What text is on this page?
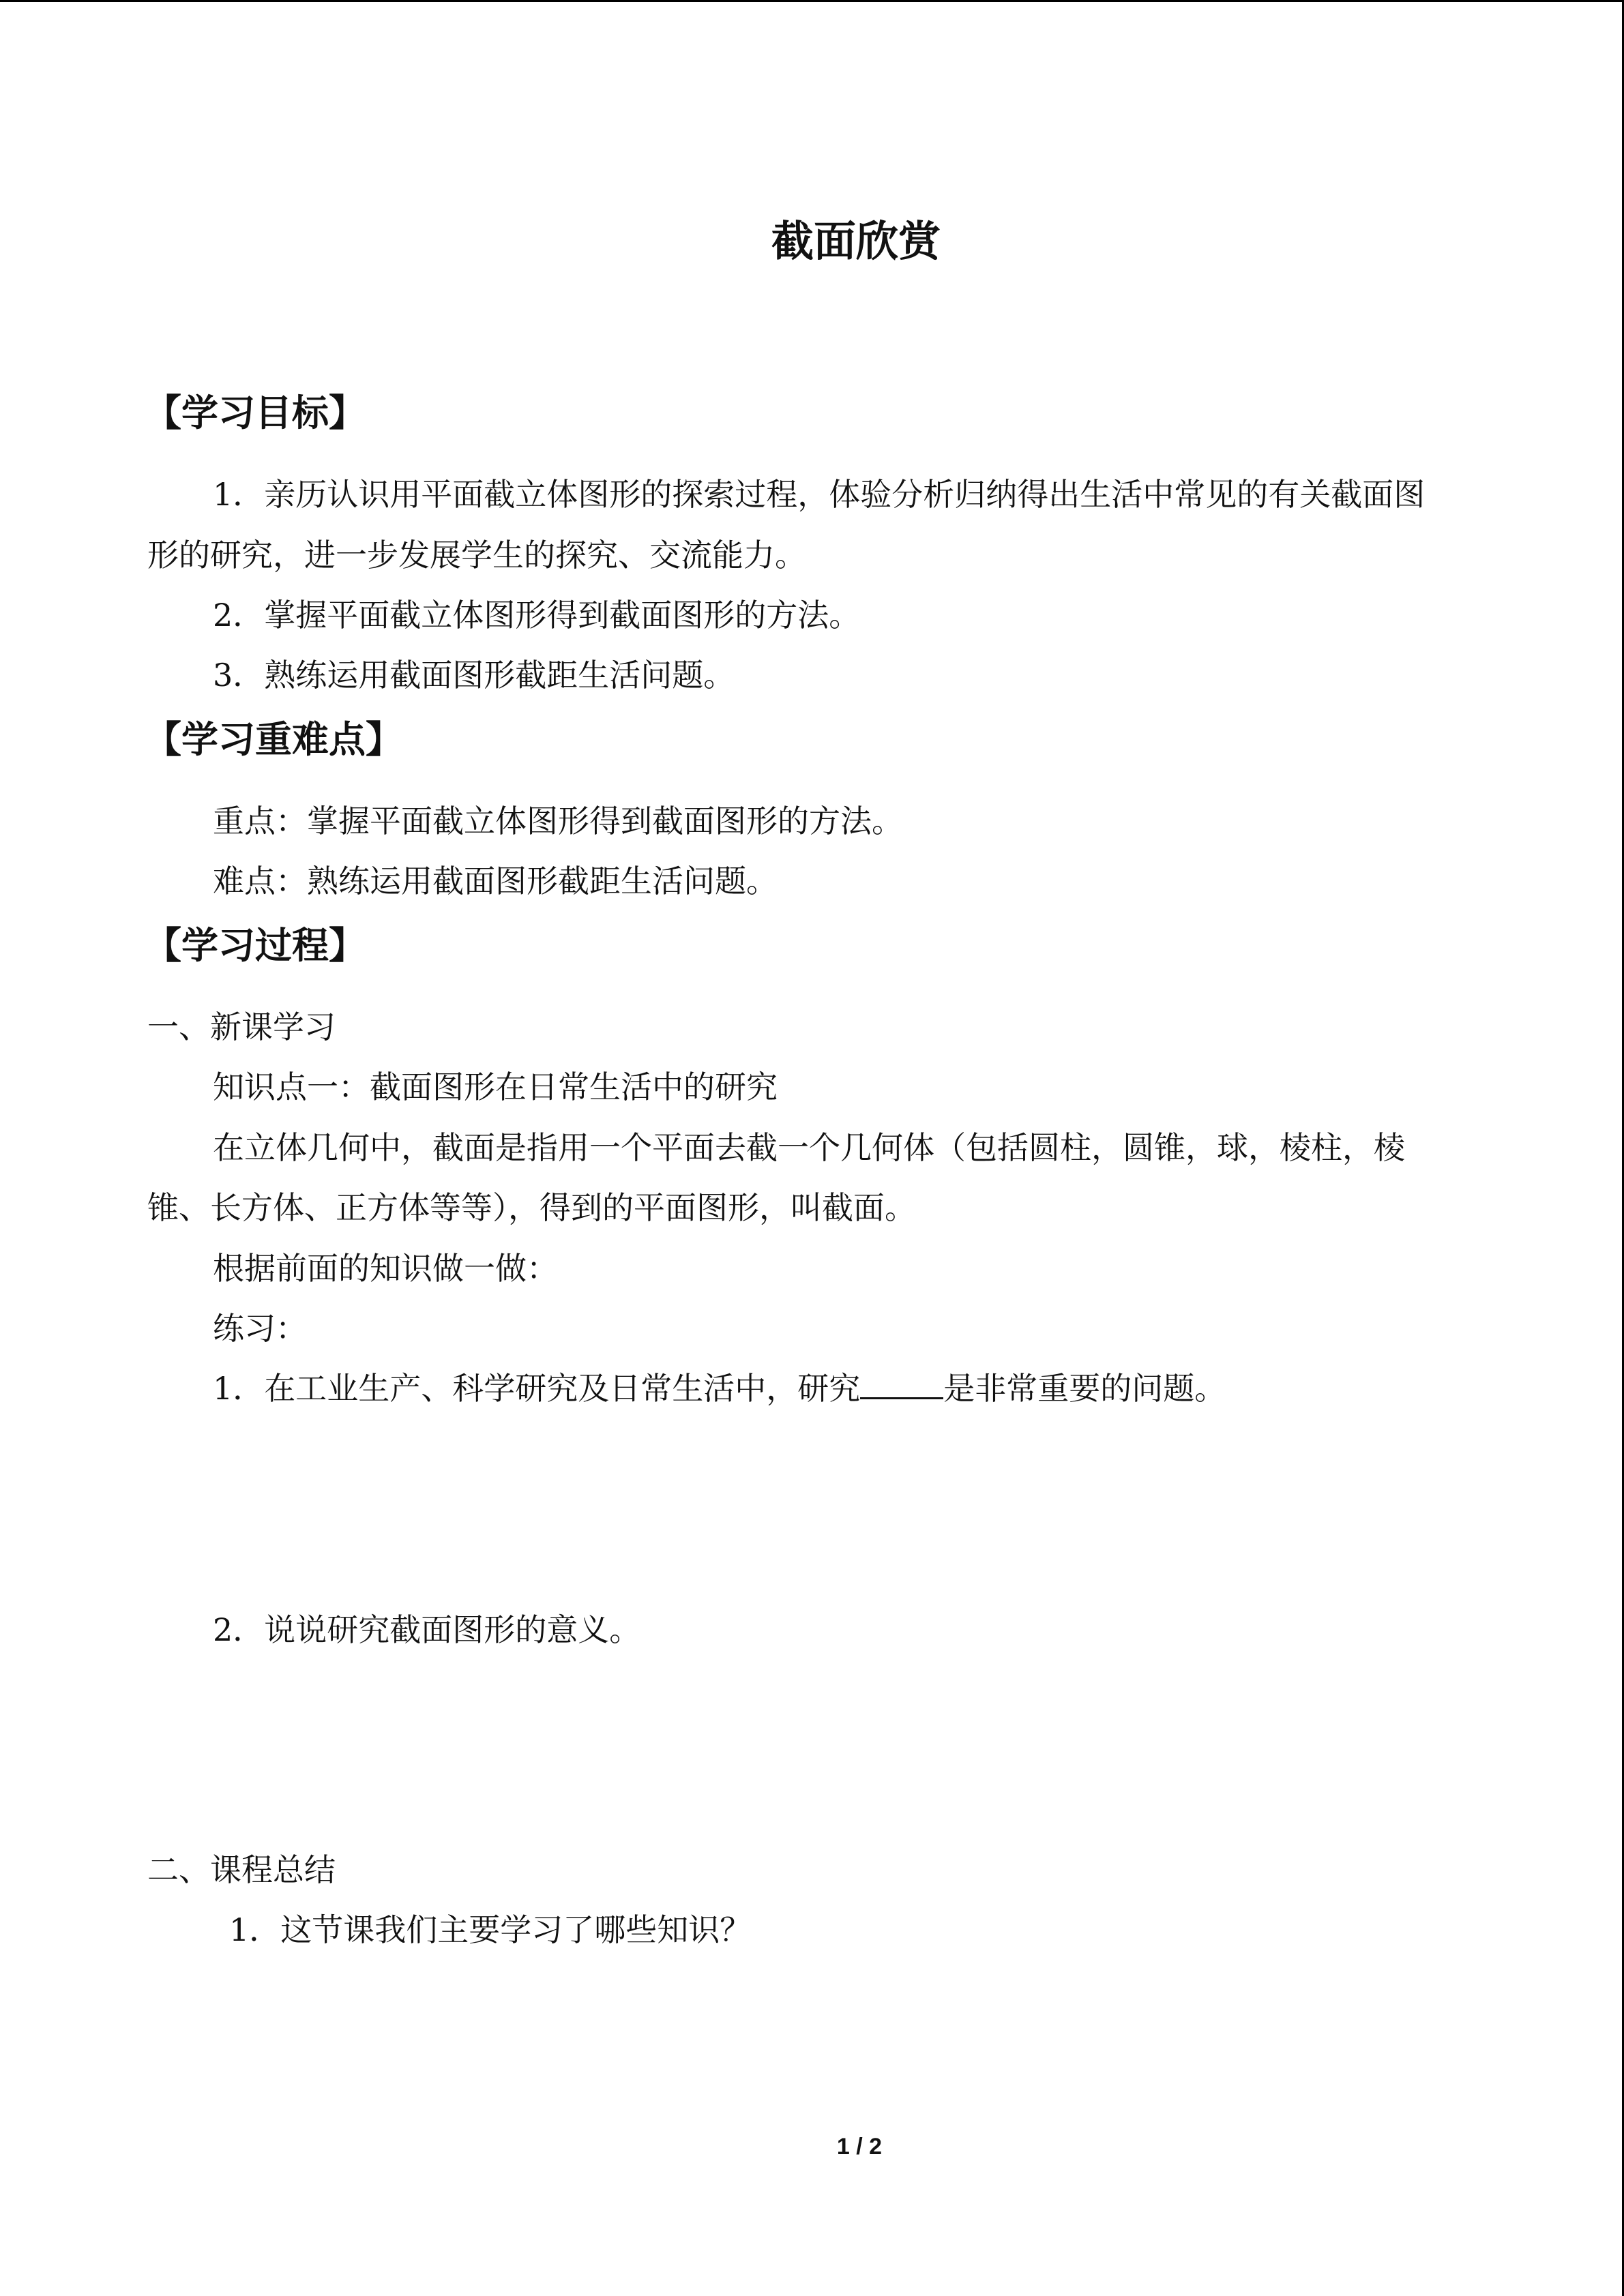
截面欣赏
【学习目标】
1．亲历认识用平面截立体图形的探索过程，体验分析归纳得出生活中常见的有关截面图
形的研究，进一步发展学生的探究、交流能力。
2．掌握平面截立体图形得到截面图形的方法。
3．熟练运用截面图形截距生活问题。
【学习重难点】
重点：掌握平面截立体图形得到截面图形的方法。
难点：熟练运用截面图形截距生活问题。
【学习过程】
一、新课学习
知识点一：截面图形在日常生活中的研究
在立体几何中，截面是指用一个平面去截一个几何体（包括圆柱，圆锥，球，棱柱，棱
锥、长方体、正方体等等），得到的平面图形，叫截面。
根据前面的知识做一做：
练习：
1．在工业生产、科学研究及日常生活中，研究	是非常重要的问题。
2．说说研究截面图形的意义。
二、课程总结
1．这节课我们主要学习了哪些知识？
1 / 2
